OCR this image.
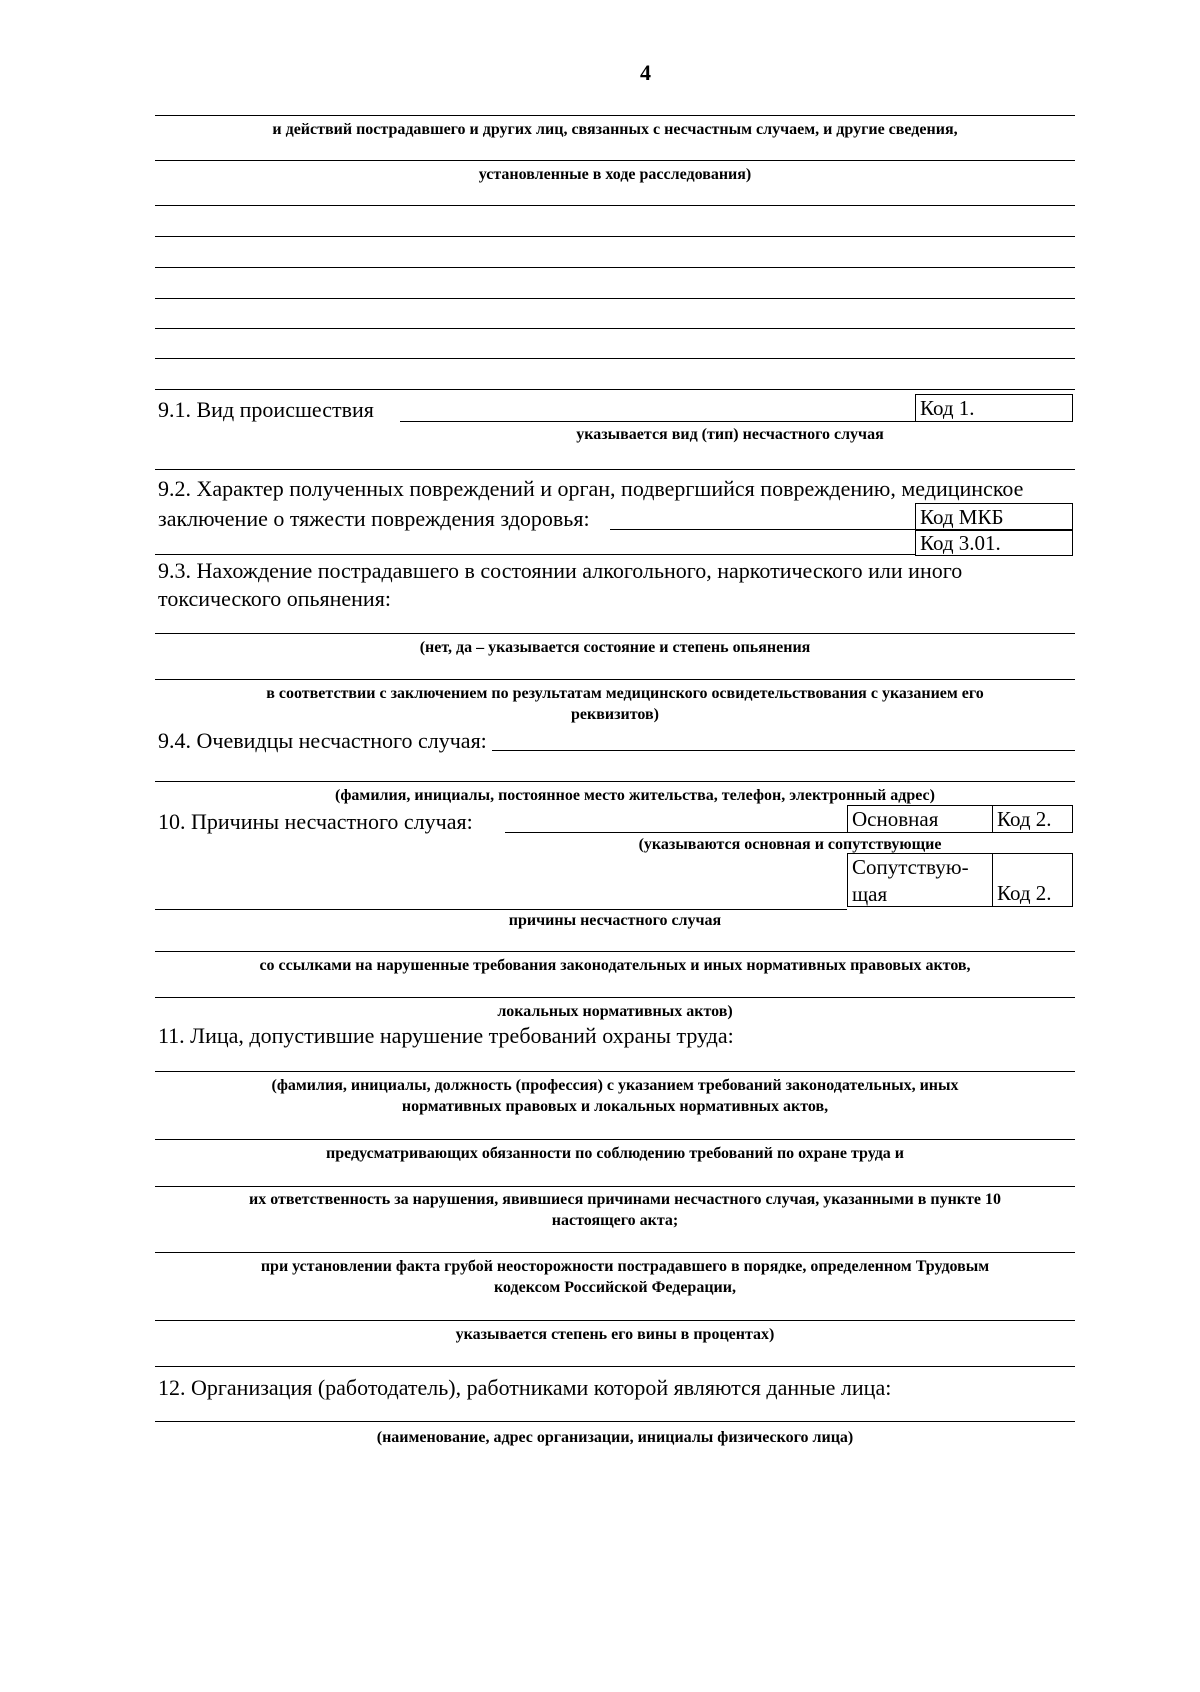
4
и действий пострадавшего и других лиц, связанных с несчастным случаем, и другие сведения,
установленные в ходе расследования)
9.1. Вид происшествия	Код 1.
указывается вид (тип) несчастного случая
9.2. Характер полученных повреждений и орган, подвергшийся повреждению, медицинское
заключение о тяжести повреждения здоровья:	Код МКБ
Код 3.01.
9.3. Нахождение пострадавшего в состоянии алкогольного, наркотического или иного
токсического опьянения:
(нет, да – указывается состояние и степень опьянения
в соответствии с заключением по результатам медицинского освидетельствования с указанием его
реквизитов)
9.4. Очевидцы несчастного случая:
(фамилия, инициалы, постоянное место жительства, телефон, электронный адрес)
10. Причины несчастного случая:	Основная	Код 2.
(указываются основная и сопутствующие
Сопутствую-
щая	Код 2.
причины несчастного случая
со ссылками на нарушенные требования законодательных и иных нормативных правовых актов,
локальных нормативных актов)
11. Лица, допустившие нарушение требований охраны труда:
(фамилия, инициалы, должность (профессия) с указанием требований законодательных, иных
нормативных правовых и локальных нормативных актов,
предусматривающих обязанности по соблюдению требований по охране труда и
их ответственность за нарушения, явившиеся причинами несчастного случая, указанными в пункте 10
настоящего акта;
при установлении факта грубой неосторожности пострадавшего в порядке, определенном Трудовым
кодексом Российской Федерации,
указывается степень его вины в процентах)
12. Организация (работодатель), работниками которой являются данные лица:
(наименование, адрес организации, инициалы физического лица)
